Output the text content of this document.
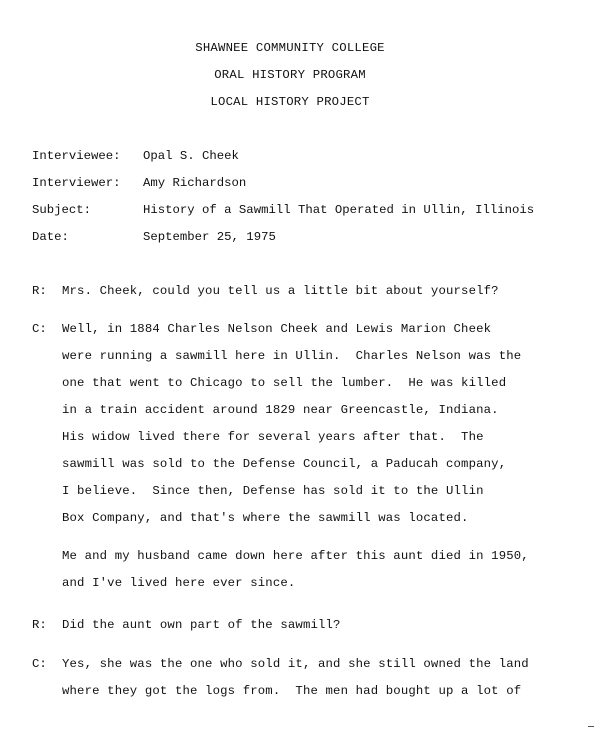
SHAWNEE COMMUNITY COLLEGE
ORAL HISTORY PROGRAM
LOCAL HISTORY PROJECT
Interviewee: Opal S. Cheek
Interviewer: Amy Richardson
Subject:	History of a Sawmill That Operated in Ullin, Illinois
Date:	September 25, 1975
R: Mrs. Cheek, could you tell us a little bit about yourself?
C: Well, in 1884 Charles Nelson Cheek and Lewis Marion Cheek
were running a sawmill here in Ullin.  Charles Nelson was the
one that went to Chicago to sell the lumber.  He was killed
in a train accident around 1829 near Greencastle, Indiana.
His widow lived there for several years after that.  The
sawmill was sold to the Defense Council, a Paducah company,
I believe.  Since then, Defense has sold it to the Ullin
Box Company, and that's where the sawmill was located.
Me and my husband came down here after this aunt died in 1950,
and I've lived here ever since.
R: Did the aunt own part of the sawmill?
C: Yes, she was the one who sold it, and she still owned the land
where they got the logs from.  The men had bought up a lot of
